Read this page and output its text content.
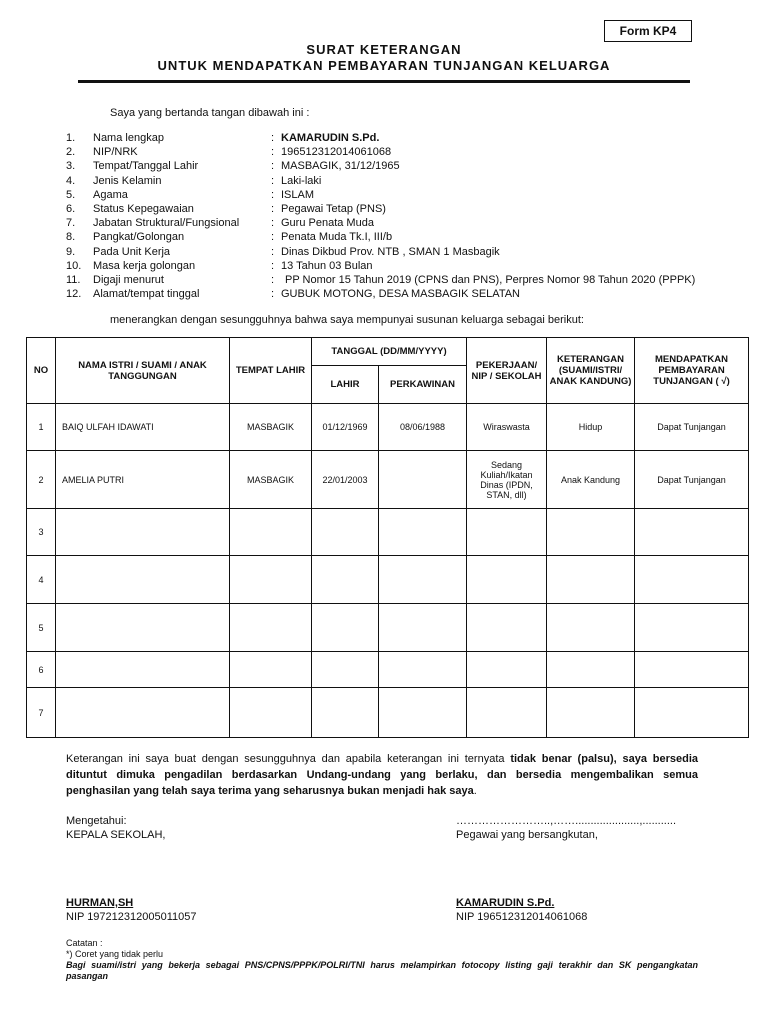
Form KP4
SURAT KETERANGAN
UNTUK MENDAPATKAN PEMBAYARAN TUNJANGAN KELUARGA
Saya yang bertanda tangan dibawah ini :
1.	Nama lengkap	: KAMARUDIN S.Pd.
2.	NIP/NRK	: 196512312014061068
3.	Tempat/Tanggal Lahir	: MASBAGIK, 31/12/1965
4.	Jenis Kelamin	: Laki-laki
5.	Agama	: ISLAM
6.	Status Kepegawaian	: Pegawai Tetap (PNS)
7.	Jabatan Struktural/Fungsional	: Guru Penata Muda
8.	Pangkat/Golongan	: Penata Muda Tk.I, III/b
9.	Pada Unit Kerja	: Dinas Dikbud Prov. NTB , SMAN 1 Masbagik
10.	Masa kerja golongan	: 13 Tahun 03 Bulan
11.	Digaji menurut	: PP Nomor 15 Tahun 2019 (CPNS dan PNS), Perpres Nomor 98 Tahun 2020 (PPPK)
12.	Alamat/tempat tinggal	: GUBUK MOTONG, DESA MASBAGIK SELATAN
menerangkan dengan sesungguhnya bahwa saya mempunyai susunan keluarga sebagai berikut:
NO	NAMA ISTRI / SUAMI / ANAK TANGGUNGAN	TEMPAT LAHIR	TANGGAL (DD/MM/YYYY)		PEKERJAAN/ NIP / SEKOLAH	KETERANGAN (SUAMI/ISTRI/ ANAK KANDUNG)	MENDAPATKAN PEMBAYARAN TUNJANGAN ( √)
			LAHIR	PERKAWINAN			
1	BAIQ ULFAH IDAWATI	MASBAGIK	01/12/1969	08/06/1988	Wiraswasta	Hidup	Dapat Tunjangan
2	AMELIA PUTRI	MASBAGIK	22/01/2003		Sedang Kuliah/Ikatan Dinas (IPDN, STAN, dll)	Anak Kandung	Dapat Tunjangan
3							
4							
5							
6							
7							
Keterangan ini saya buat dengan sesungguhnya dan apabila keterangan ini ternyata tidak benar (palsu), saya bersedia dituntut dimuka pengadilan berdasarkan Undang-undang yang berlaku, dan bersedia mengembalikan semua penghasilan yang telah saya terima yang seharusnya bukan menjadi hak saya.
Mengetahui:
KEPALA SEKOLAH,
……………………..,…….....................,...........
Pegawai yang bersangkutan,
HURMAN,SH
NIP 197212312005011057
KAMARUDIN S.Pd.
NIP 196512312014061068
Catatan :
*) Coret yang tidak perlu
Bagi suami/istri yang bekerja sebagai PNS/CPNS/PPPK/POLRI/TNI harus melampirkan fotocopy listing gaji terakhir dan SK pengangkatan pasangan
